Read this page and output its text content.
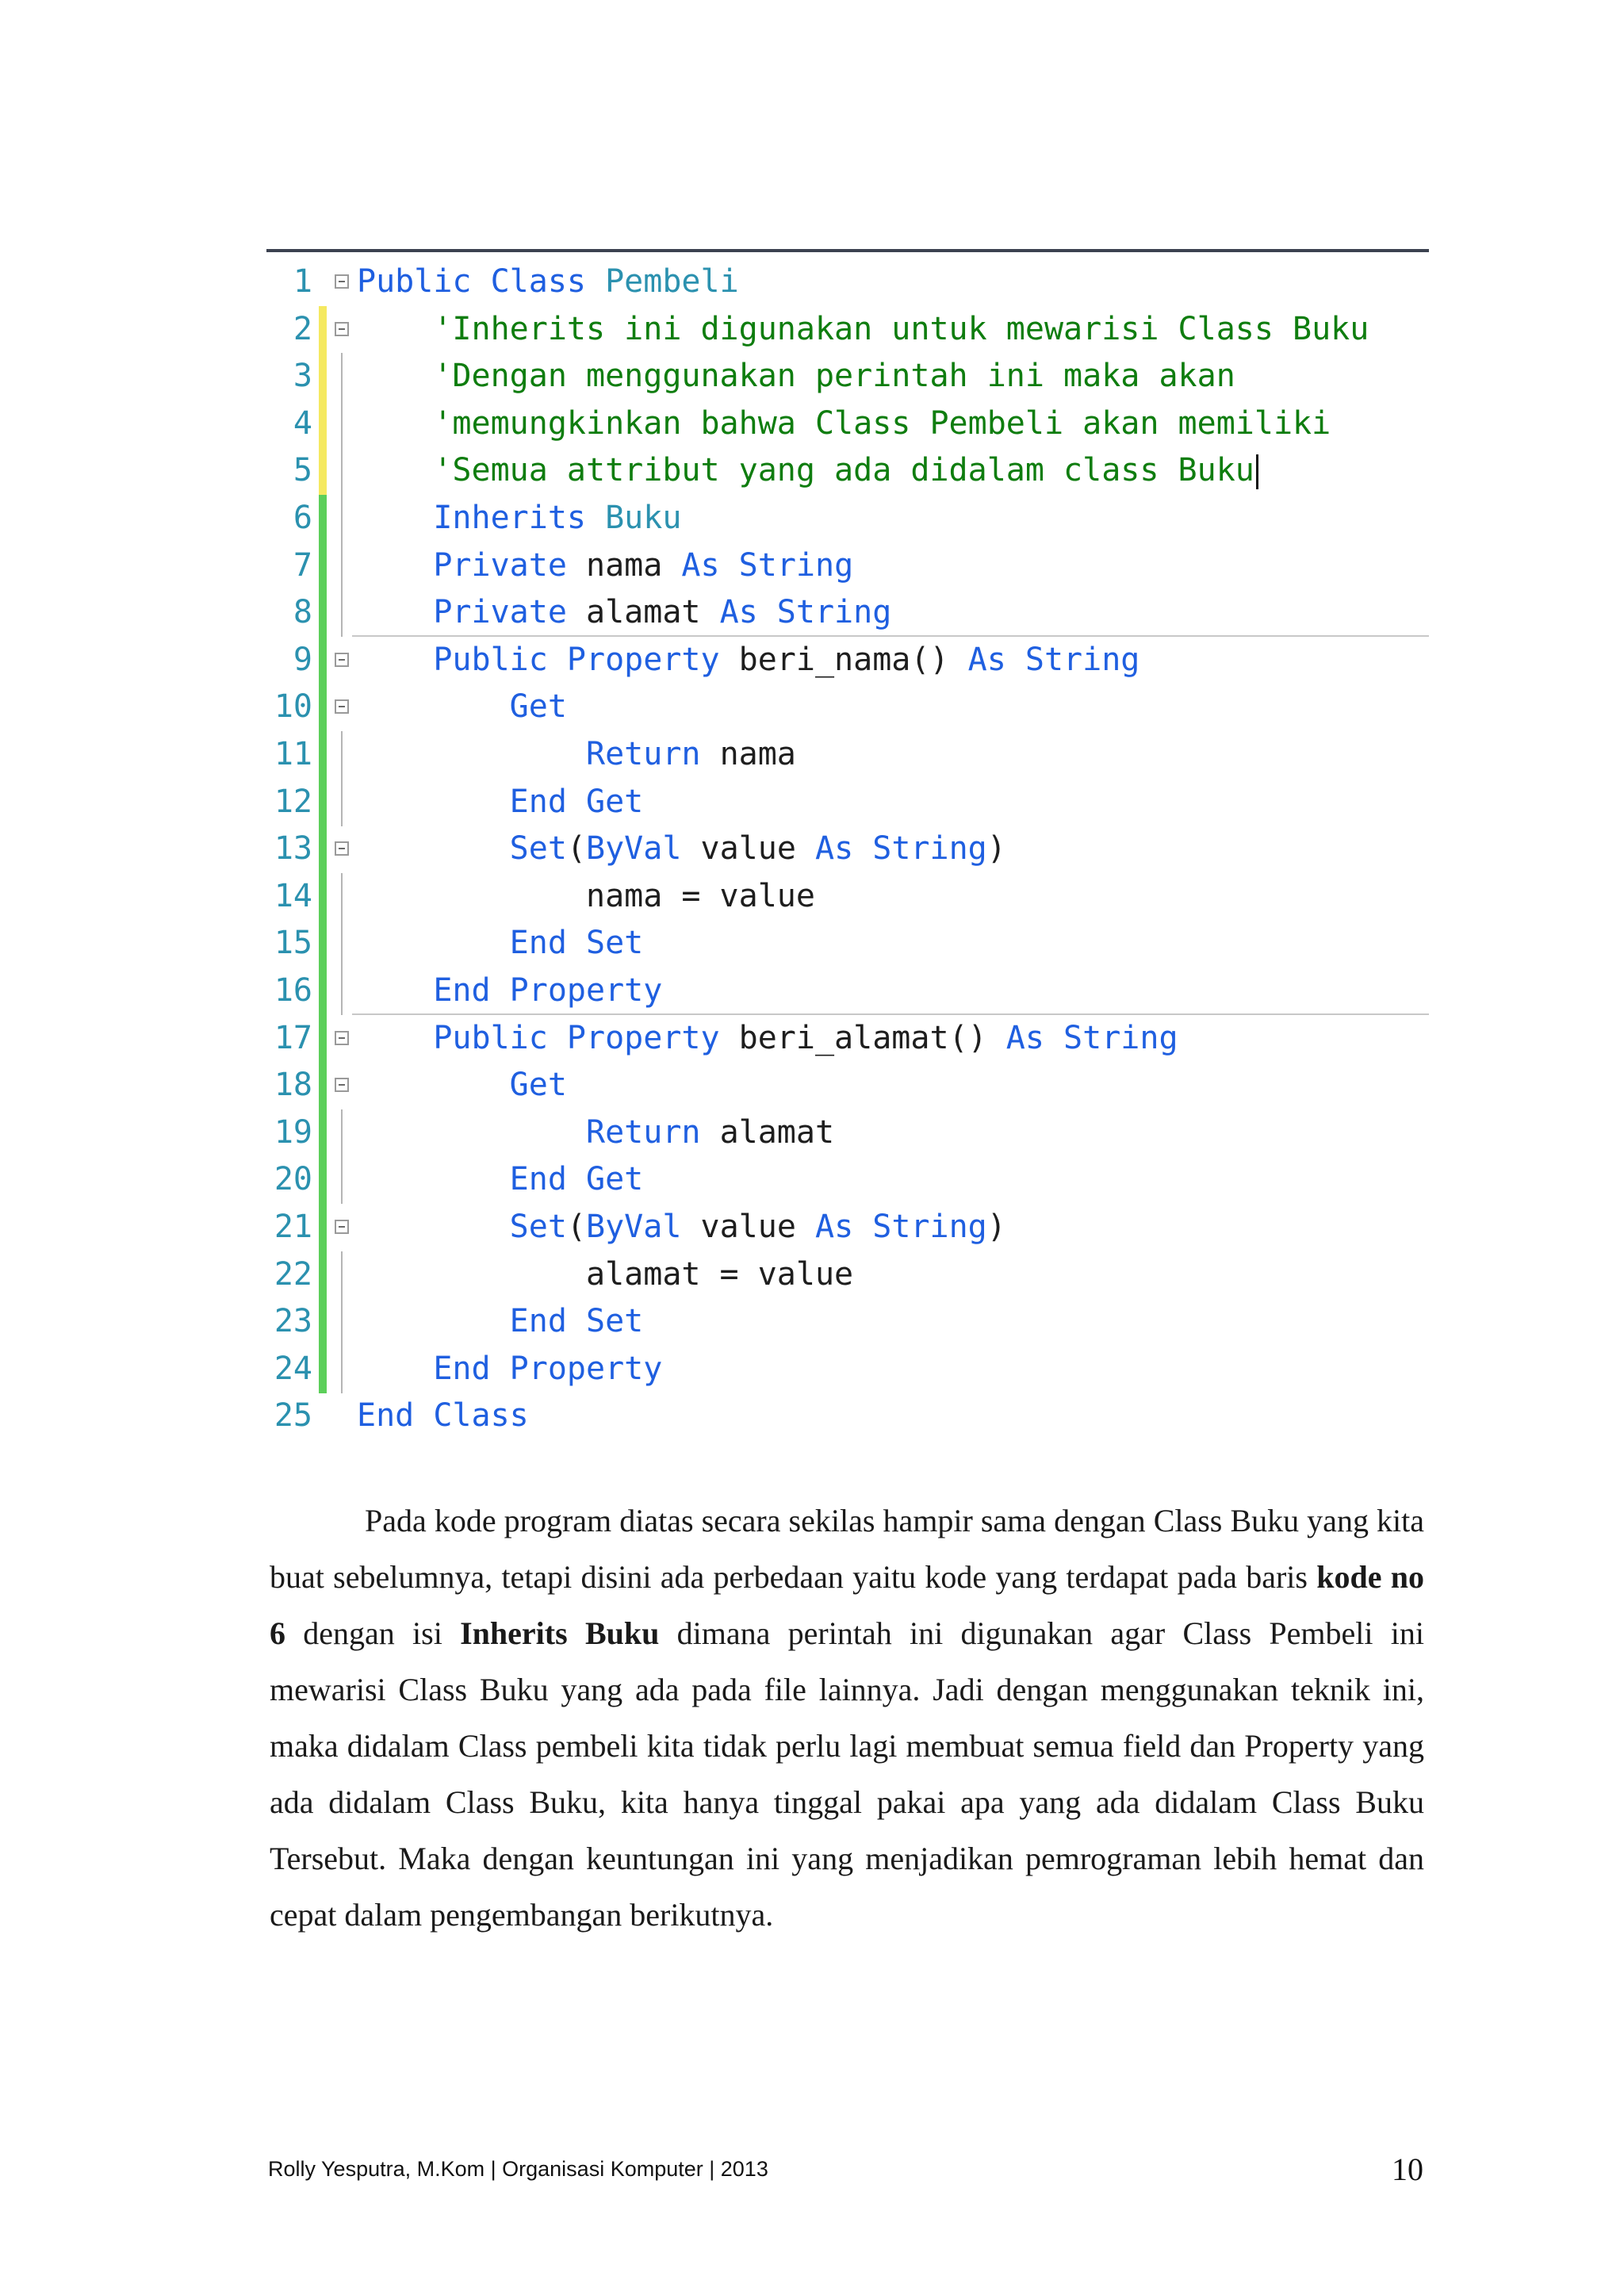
1 Public Class Pembeli
2 'Inherits ini digunakan untuk mewarisi Class Buku
3 'Dengan menggunakan perintah ini maka akan
4 'memungkinkan bahwa Class Pembeli akan memiliki
5 'Semua attribut yang ada didalam class Buku
6 Inherits Buku
7 Private nama As String
8 Private alamat As String
9 Public Property beri_nama() As String
10 Get
11 Return nama
12 End Get
13 Set(ByVal value As String)
14 nama = value
15 End Set
16 End Property
17 Public Property beri_alamat() As String
18 Get
19 Return alamat
20 End Get
21 Set(ByVal value As String)
22 alamat = value
23 End Set
24 End Property
25 End Class
Pada kode program diatas secara sekilas hampir sama dengan Class Buku yang kita buat sebelumnya, tetapi disini ada perbedaan yaitu kode yang terdapat pada baris kode no 6 dengan isi Inherits Buku dimana perintah ini digunakan agar Class Pembeli ini mewarisi Class Buku yang ada pada file lainnya. Jadi dengan menggunakan teknik ini, maka didalam Class pembeli kita tidak perlu lagi membuat semua field dan Property yang ada didalam Class Buku, kita hanya tinggal pakai apa yang ada didalam Class Buku Tersebut. Maka dengan keuntungan ini yang menjadikan pemrograman lebih hemat dan cepat dalam pengembangan berikutnya.
Rolly Yesputra, M.Kom | Organisasi Komputer | 2013	10
